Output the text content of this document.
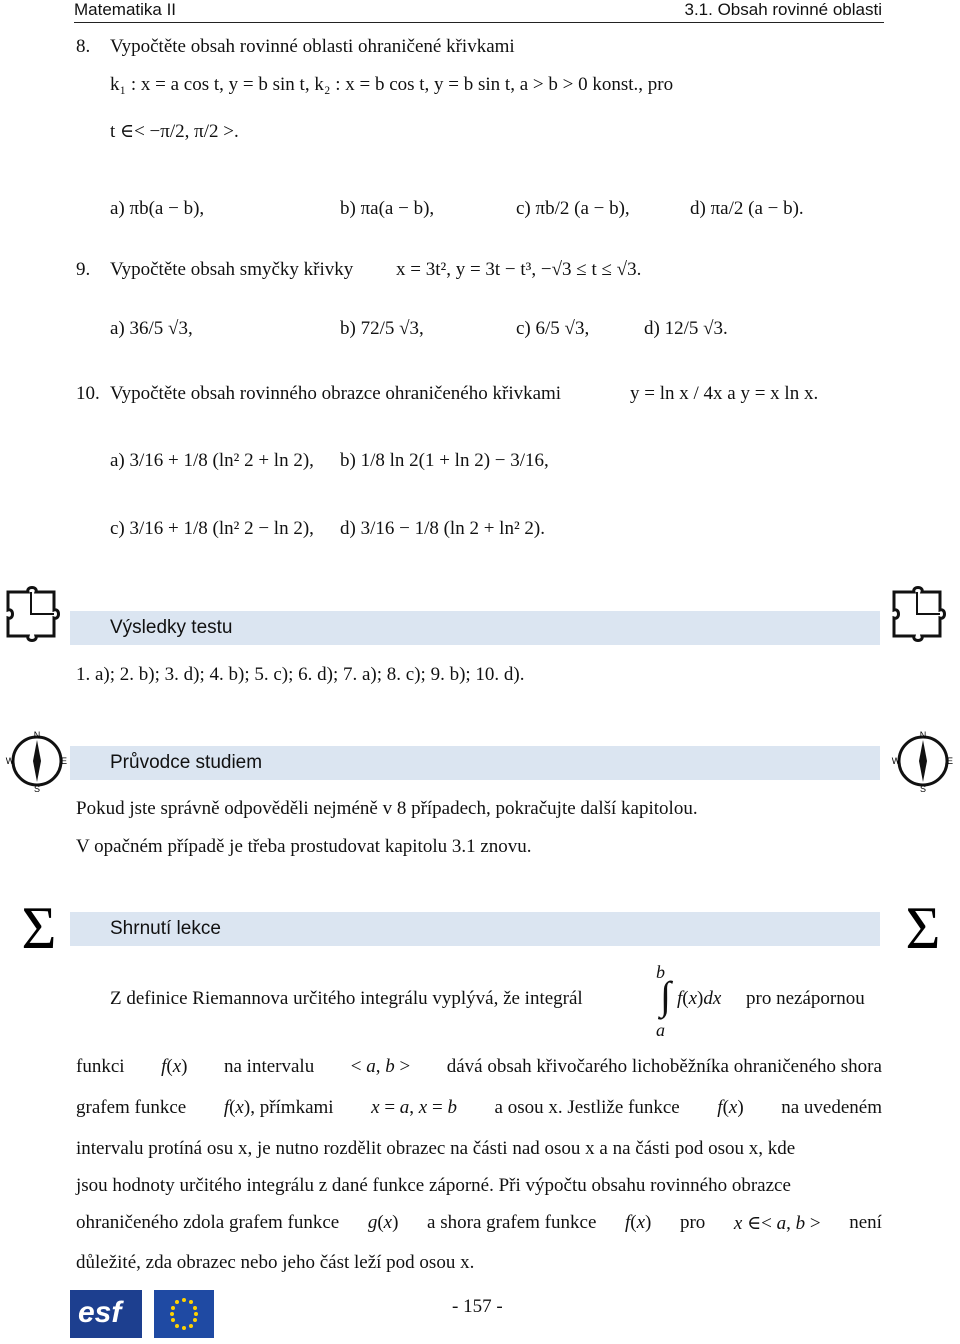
Matematika II	3.1. Obsah rovinné oblasti
8. Vypočtěte obsah rovinné oblasti ohraničené křivkami
k₁ : x = a cos t, y = b sin t, k₂ : x = b cos t, y = b sin t, a > b > 0 konst., pro
t ∈< −π/2, π/2 >.
a) πb(a − b),	b) πa(a − b),	c) πb/2 (a − b),	d) πa/2 (a − b).
9. Vypočtěte obsah smyčky křivky x = 3t², y = 3t − t³, −√3 ≤ t ≤ √3.
a) 36/5 √3,	b) 72/5 √3,	c) 6/5 √3,	d) 12/5 √3.
10. Vypočtěte obsah rovinného obrazce ohraničeného křivkami	y = ln x / 4x a y = x ln x.
a) 3/16 + 1/8 (ln² 2 + ln 2), b) 1/8 ln 2(1 + ln 2) − 3/16,
c) 3/16 + 1/8 (ln² 2 − ln 2), d) 3/16 − 1/8 (ln 2 + ln² 2).
Výsledky testu
1. a); 2. b); 3. d); 4. b); 5. c); 6. d); 7. a); 8. c); 9. b); 10. d).
N
W	E
S
N
W	E
S
Průvodce studiem
Pokud jste správně odpověděli nejméně v 8 případech, pokračujte další kapitolou.
V opačném případě je třeba prostudovat kapitolu 3.1 znovu.
Σ	Σ
Shrnutí lekce
Z definice Riemannova určitého integrálu vyplývá, že integrál
b
∫ f(x)dx
a
pro nezápornou
funkci f(x) na intervalu < a, b > dává obsah křivočarého lichoběžníka ohraničeného shora
grafem funkce f(x), přímkami x = a, x = b a osou x. Jestliže funkce f(x) na uvedeném
intervalu protíná osu x, je nutno rozdělit obrazec na části nad osou x a na části pod osou x, kde
jsou hodnoty určitého integrálu z dané funkce záporné. Při výpočtu obsahu rovinného obrazce
ohraničeného zdola grafem funkce g(x) a shora grafem funkce f(x) pro x ∈< a, b > není
důležité, zda obrazec nebo jeho část leží pod osou x.
esf	- 157 -
